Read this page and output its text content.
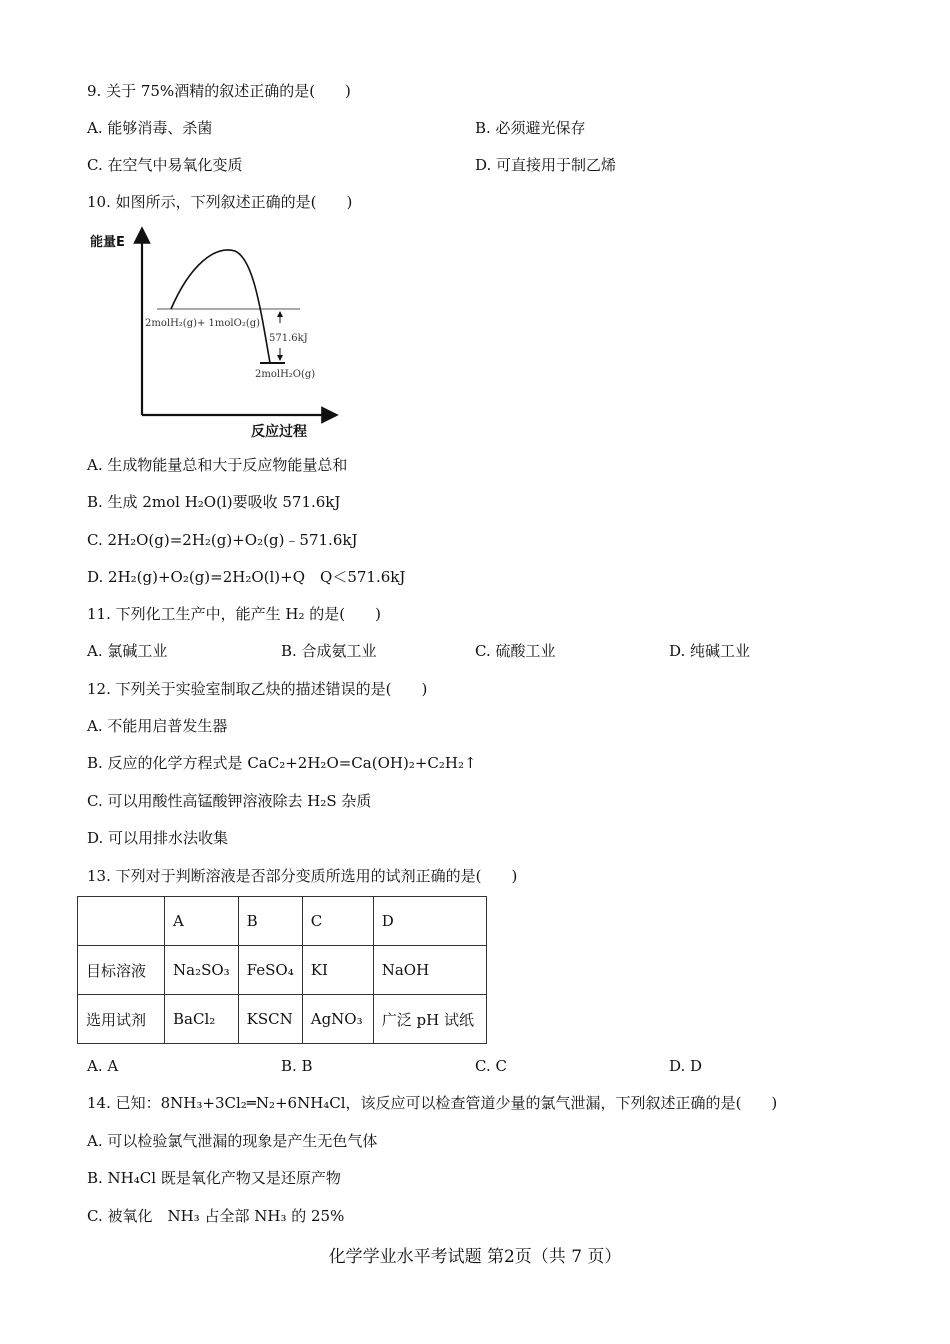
9. 关于 75%酒精的叙述正确的是(　　)
A. 能够消毒、杀菌	B. 必须避光保存
C. 在空气中易氧化变质	D. 可直接用于制乙烯
10. 如图所示，下列叙述正确的是(　　)
能量E
反应过程
2molH₂(g)+ 1molO₂(g)
571.6kJ
2molH₂O(g)
A. 生成物能量总和大于反应物能量总和
B. 生成 2mol H₂O(l)要吸收 571.6kJ
C. 2H₂O(g)=2H₂(g)+O₂(g)﹣571.6kJ
D. 2H₂(g)+O₂(g)=2H₂O(l)+Q　Q＜571.6kJ
11. 下列化工生产中，能产生 H₂ 的是(　　)
A. 氯碱工业	B. 合成氨工业	C. 硫酸工业	D. 纯碱工业
12. 下列关于实验室制取乙炔的描述错误的是(　　)
A. 不能用启普发生器
B. 反应的化学方程式是 CaC₂+2H₂O=Ca(OH)₂+C₂H₂↑
C. 可以用酸性高锰酸钾溶液除去 H₂S 杂质
D. 可以用排水法收集
13. 下列对于判断溶液是否部分变质所选用的试剂正确的是(　　)
	A	B	C	D
目标溶液	Na₂SO₃	FeSO₄	KI	NaOH
选用试剂	BaCl₂	KSCN	AgNO₃	广泛 pH 试纸
A. A	B. B	C. C	D. D
14. 已知：8NH₃+3Cl₂═N₂+6NH₄Cl，该反应可以检查管道少量的氯气泄漏，下列叙述正确的是(　　)
A. 可以检验氯气泄漏的现象是产生无色气体
B. NH₄Cl 既是氧化产物又是还原产物
C. 被氧化　NH₃ 占全部 NH₃ 的 25%
化学学业水平考试题 第2页（共 7 页）
